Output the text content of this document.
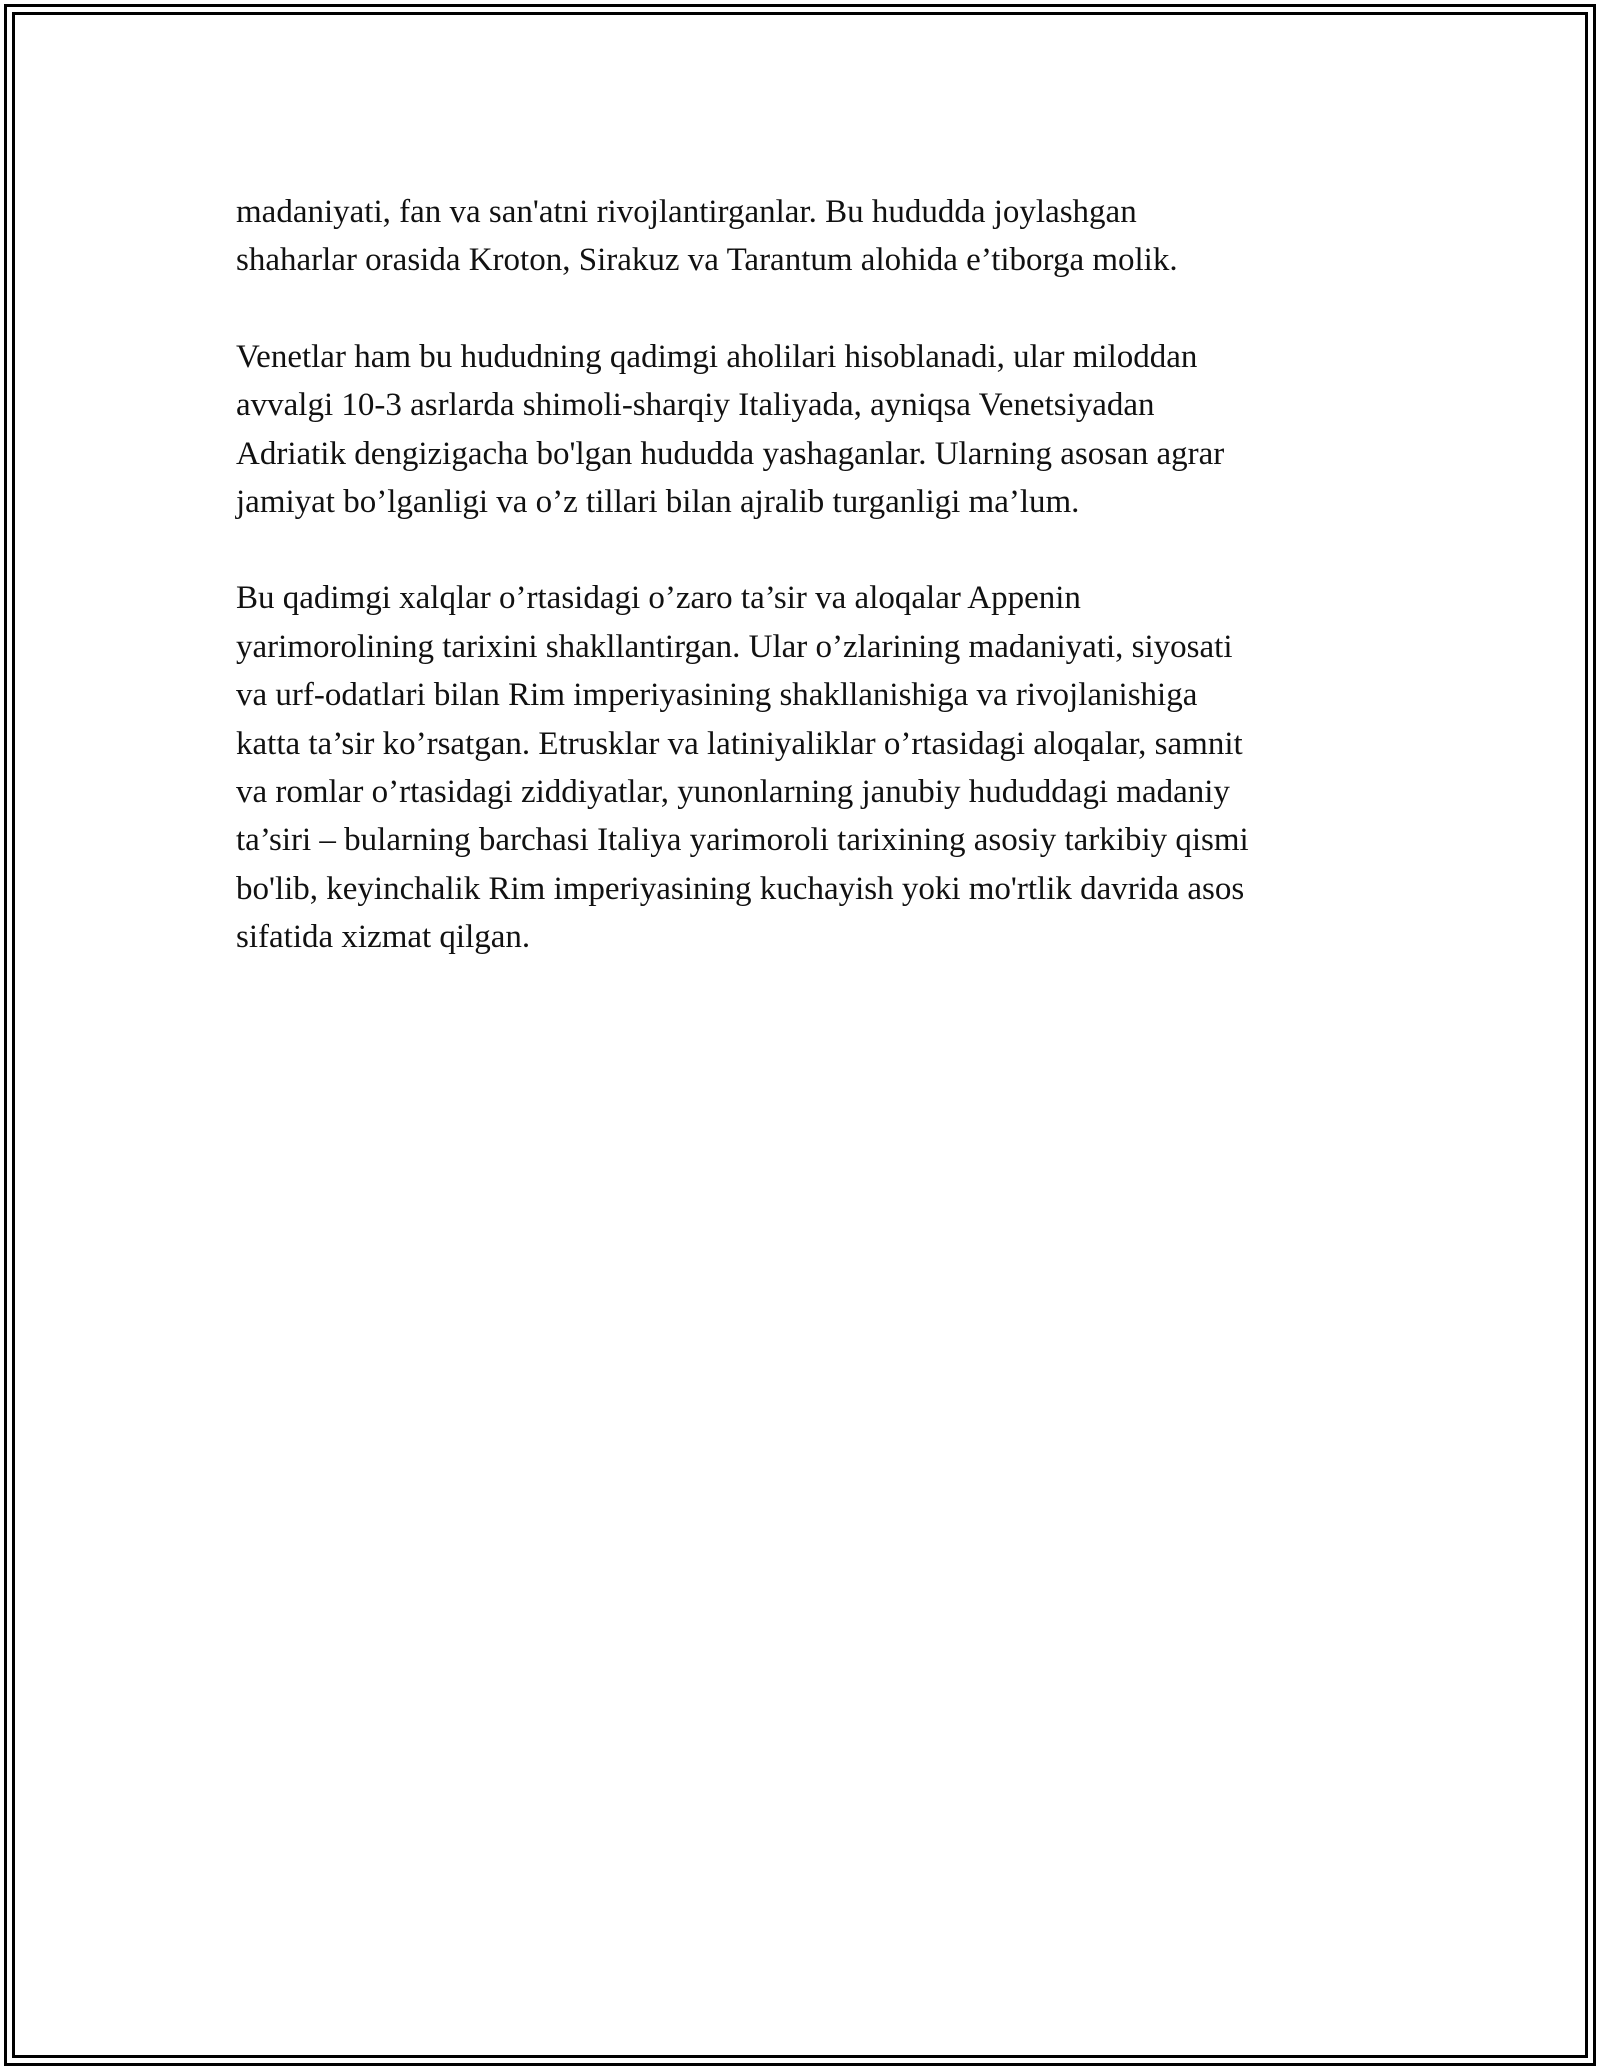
madaniyati, fan va san'atni rivojlantirganlar. Bu hududda joylashgan
shaharlar orasida Kroton, Sirakuz va Tarantum alohida e’tiborga molik.

Venetlar ham bu hududning qadimgi aholilari hisoblanadi, ular miloddan
avvalgi 10-3 asrlarda shimoli-sharqiy Italiyada, ayniqsa Venetsiyadan
Adriatik dengizigacha bo'lgan hududda yashaganlar. Ularning asosan agrar
jamiyat bo’lganligi va o’z tillari bilan ajralib turganligi ma’lum.

Bu qadimgi xalqlar o’rtasidagi o’zaro ta’sir va aloqalar Appenin
yarimorolining tarixini shakllantirgan. Ular o’zlarining madaniyati, siyosati
va urf-odatlari bilan Rim imperiyasining shakllanishiga va rivojlanishiga
katta ta’sir ko’rsatgan. Etrusklar va latiniyaliklar o’rtasidagi aloqalar, samnit
va romlar o’rtasidagi ziddiyatlar, yunonlarning janubiy hududdagi madaniy
ta’siri – bularning barchasi Italiya yarimoroli tarixining asosiy tarkibiy qismi
bo'lib, keyinchalik Rim imperiyasining kuchayish yoki mo'rtlik davrida asos
sifatida xizmat qilgan.
